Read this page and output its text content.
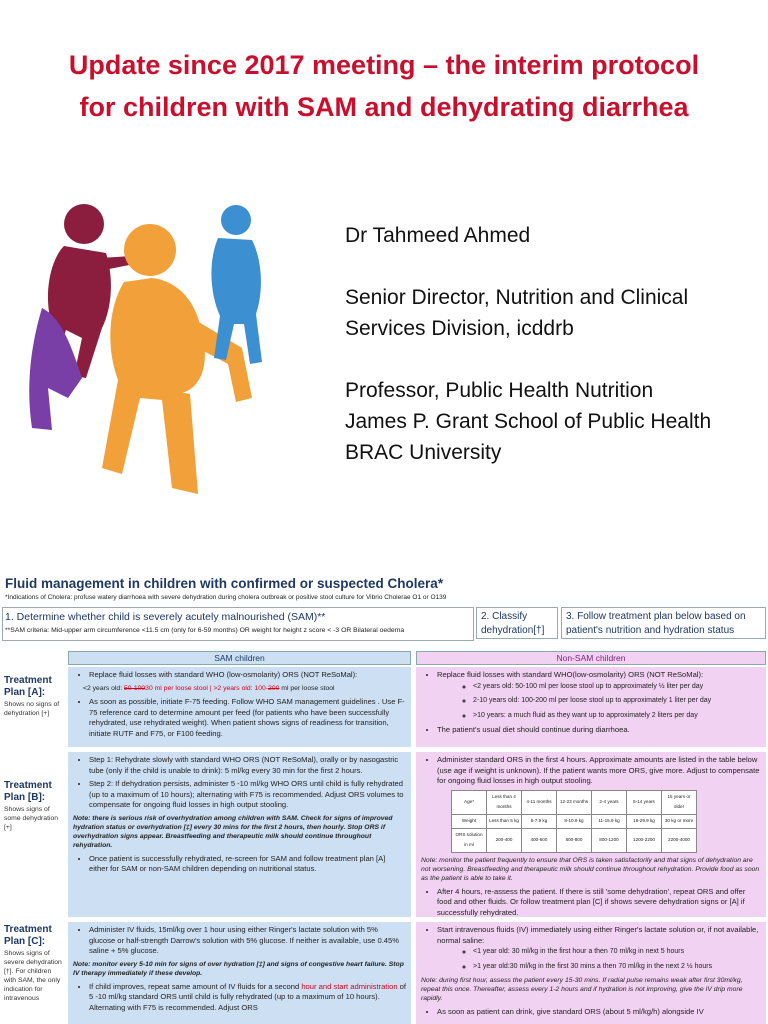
Update since 2017 meeting – the interim protocol
for children with SAM and dehydrating diarrhea

Dr Tahmeed Ahmed

Senior Director, Nutrition and Clinical
Services Division, icddrb

Professor, Public Health Nutrition
James P. Grant School of Public Health
BRAC University

Fluid management in children with confirmed or suspected Cholera*
*Indications of Cholera: profuse watery diarrhoea with severe dehydration during cholera outbreak or positive stool culture for Vibrio Cholerae O1 or O139
1. Determine whether child is severely acutely malnourished (SAM)**
**SAM criteria: Mid-upper arm circumference <11.5 cm (only for 6-59 months) OR weight for height z score < -3 OR Bilateral oedema
2. Classify dehydration[†]
3. Follow treatment plan below based on patient's nutrition and hydration status
SAM children	Non-SAM children
Treatment Plan [A]:
Shows no signs of dehydration [+]
• Replace fluid losses with standard WHO (low-osmolarity) ORS (NOT ReSoMal):
<2 years old: 50-10030 ml per loose stool | >2 years old: 100-200 ml per loose stool
• As soon as possible, initiate F-75 feeding. Follow WHO SAM management guidelines . Use F-75 reference card to determine amount per feed (for patients who have been successfully rehydrated, use rehydrated weight). When patient shows signs of readiness for transition, initiate RUTF and F75, or F100 feeding.
• Replace fluid losses with standard WHO(low-osmolarity) ORS (NOT ReSoMal):
◦ <2 years old: 50-100 ml per loose stool up to approximately ½ liter per day
◦ 2-10 years old: 100-200 ml per loose stool up to approximately 1 liter per day
◦ >10 years: a much fluid as they want up to approximately 2 liters per day
• The patient's usual diet should continue during diarrhoea.
Treatment Plan [B]:
Shows signs of some dehydration [+]
• Step 1: Rehydrate slowly with standard WHO ORS (NOT ReSoMal), orally or by nasogastric tube (only if the child is unable to drink): 5 ml/kg every 30 min for the first 2 hours.
• Step 2: If dehydration persists, administer 5 -10 ml/kg WHO ORS until child is fully rehydrated (up to a maximum of 10 hours); alternating with F75 is recommended. Adjust ORS volumes to compensate for ongoing fluid losses in high output stooling.
Note: there is serious risk of overhydration among children with SAM. Check for signs of improved hydration status or overhydration [‡] every 30 mins for the first 2 hours, then hourly. Stop ORS if overhydration signs appear. Breastfeeding and therapeutic milk should continue throughout rehydration.
• Once patient is successfully rehydrated, re-screen for SAM and follow treatment plan [A] either for SAM or non-SAM children depending on nutritional status.
• Administer standard ORS in the first 4 hours. Approximate amounts are listed in the table below (use age if weight is unknown). If the patient wants more ORS, give more. Adjust to compensate for ongoing fluid losses in high output stooling.
Age*	Less than 4 months	4-11 months	12-23 months	2-4 years	5-14 years	15 years or older
Weight	Less than 5 kg	5-7.9 kg	8-10.9 kg	11-15.9 kg	16-29.9 kg	30 kg or more
ORS solution in ml	200-400	400-600	600-800	800-1200	1200-2200	2200-4000
Note: monitor the patient frequently to ensure that ORS is taken satisfactorily and that signs of dehydration are not worsening. Breastfeeding and therapeutic milk should continue throughout rehydration. Provide food as soon as the patient is able to take it.
• After 4 hours, re-assess the patient. If there is still 'some dehydration', repeat ORS and offer food and other fluids. Or follow treatment plan [C] if shows severe dehydration signs or [A] if successfully rehydrated.
Treatment Plan [C]:
Shows signs of severe dehydration [†]. For children with SAM, the only indication for intravenous
• Administer IV fluids, 15ml/kg over 1 hour using either Ringer's lactate solution with 5% glucose or half-strength Darrow's solution with 5% glucose. If neither is available, use 0.45% saline + 5% glucose.
Note: monitor every 5-10 min for signs of over hydration [‡] and signs of congestive heart failure. Stop IV therapy immediately if these develop.
• If child improves, repeat same amount of IV fluids for a second hour and start administration of 5 -10 ml/kg standard ORS until child is fully rehydrated (up to a maximum of 10 hours). Alternating with F75 is recommended. Adjust ORS
• Start intravenous fluids (IV) immediately using either Ringer's lactate solution or, if not available, normal saline:
◦ <1 year old: 30 ml/kg in the first hour a then 70 ml/kg in next 5 hours
◦ >1 year old:30 ml/kg in the first 30 mins a then 70 ml/kg in the next 2 ½ hours
Note: during first hour, assess the patient every 15-30 mins. If radial pulse remains weak after first 30ml/kg, repeat this once. Thereafter, assess every 1-2 hours and if hydration is not improving, give the IV drip more rapidly.
• As soon as patient can drink, give standard ORS (about 5 ml/kg/h) alongside IV
